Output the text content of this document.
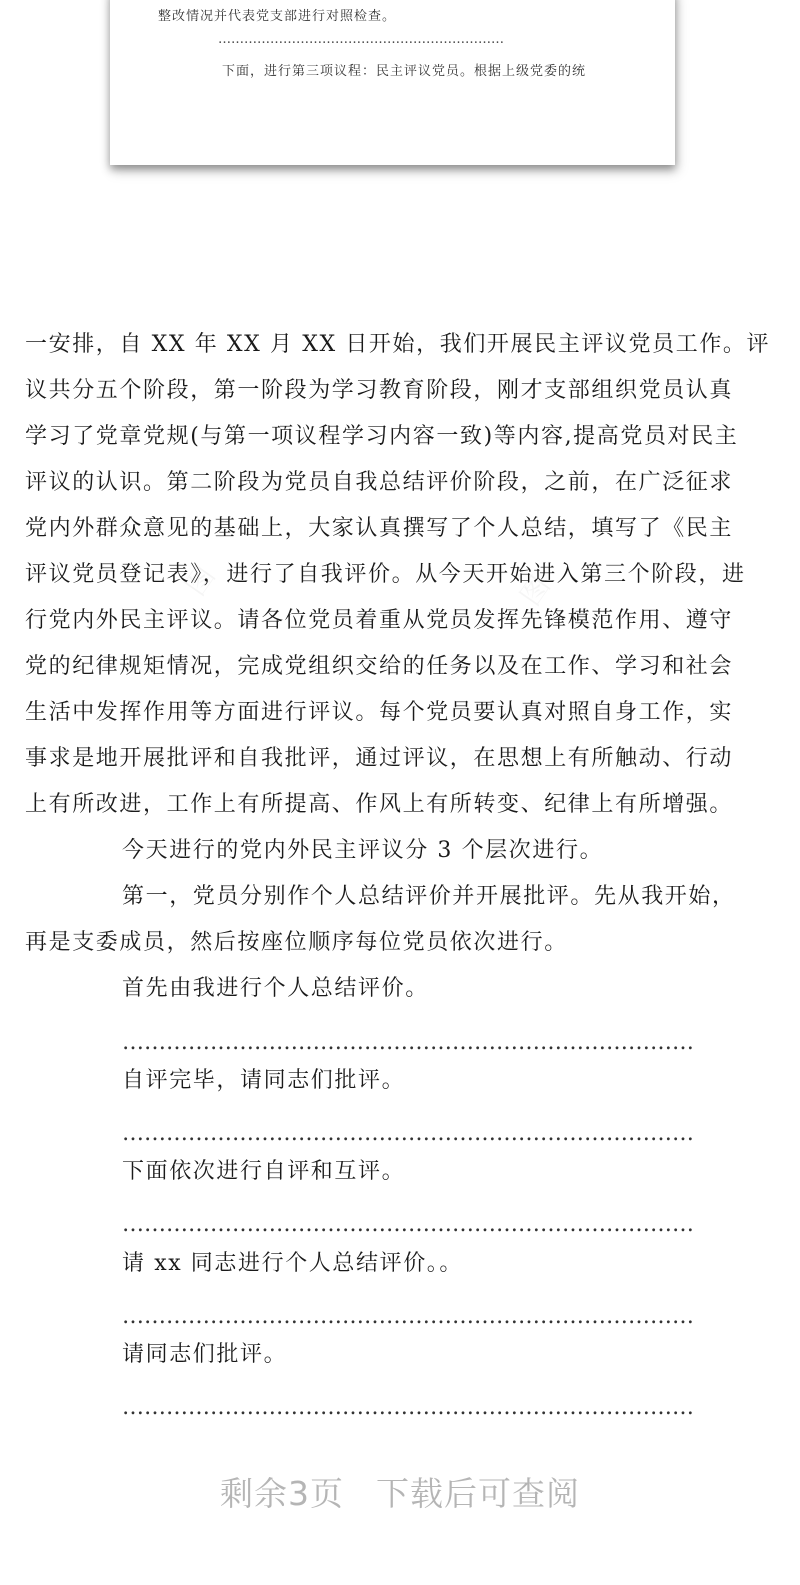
整改情况并代表党支部进行对照检查。

…………………………………………………………

下面，进行第三项议程：民主评议党员。根据上级党委的统

一安排，自 XX 年 XX 月 XX 日开始，我们开展民主评议党员工作。评
议共分五个阶段，第一阶段为学习教育阶段，刚才支部组织党员认真
学习了党章党规(与第一项议程学习内容一致)等内容,提高党员对民主
评议的认识。第二阶段为党员自我总结评价阶段，之前，在广泛征求
党内外群众意见的基础上，大家认真撰写了个人总结，填写了《民主
评议党员登记表》，进行了自我评价。从今天开始进入第三个阶段，进
行党内外民主评议。请各位党员着重从党员发挥先锋模范作用、遵守
党的纪律规矩情况，完成党组织交给的任务以及在工作、学习和社会
生活中发挥作用等方面进行评议。每个党员要认真对照自身工作，实
事求是地开展批评和自我批评，通过评议，在思想上有所触动、行动
上有所改进，工作上有所提高、作风上有所转变、纪律上有所增强。

今天进行的党内外民主评议分 3 个层次进行。

第一，党员分别作个人总结评价并开展批评。先从我开始，

再是支委成员，然后按座位顺序每位党员依次进行。

首先由我进行个人总结评价。

……………………………………………………………………

自评完毕，请同志们批评。

……………………………………………………………………

下面依次进行自评和互评。

……………………………………………………………………

请 xx 同志进行个人总结评价。。

……………………………………………………………………

请同志们批评。

……………………………………………………………………
剩余3页 下载后可查阅
